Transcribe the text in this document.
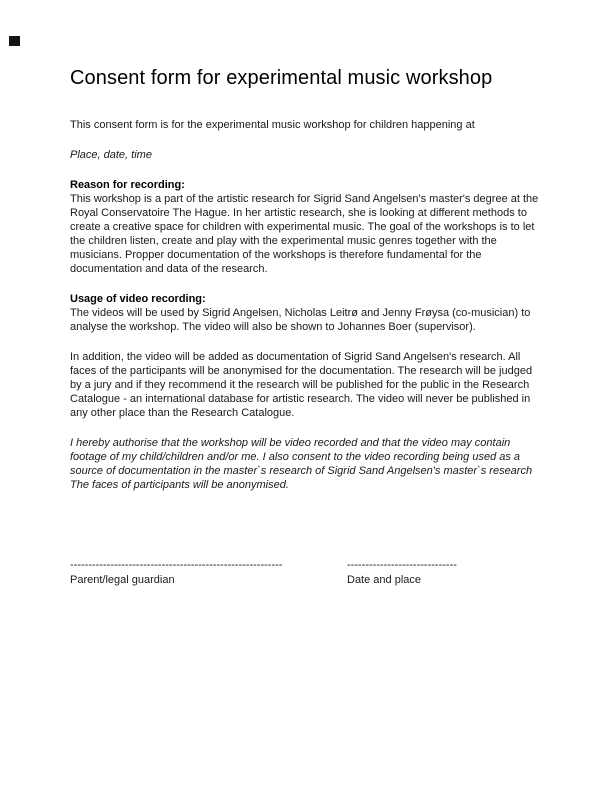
Consent form for experimental music workshop

This consent form is for the experimental music workshop for children happening at

Place, date, time

Reason for recording:

This workshop is a part of the artistic research for Sigrid Sand Angelsen's master's degree at the Royal Conservatoire The Hague. In her artistic research, she is looking at different methods to create a creative space for children with experimental music. The goal of the workshops is to let the children listen, create and play with the experimental music genres together with the musicians. Propper documentation of the workshops is therefore fundamental for the documentation and data of the research.

Usage of video recording:

The videos will be used by Sigrid Angelsen, Nicholas Leitrø and Jenny Frøysa (co-musician) to analyse the workshop. The video will also be shown to Johannes Boer (supervisor).

In addition, the video will be added as documentation of Sigrid Sand Angelsen's research. All faces of the participants will be anonymised for the documentation. The research will be judged by a jury and if they recommend it the research will be published for the public in the Research Catalogue - an international database for artistic research. The video will never be published in any other place than the Research Catalogue.

I hereby authorise that the workshop will be video recorded and that the video may contain footage of my child/children and/or me. I also consent to the video recording being used as a source of documentation in the master`s research of Sigrid Sand Angelsen's master`s research The faces of participants will be anonymised.

----------------------------------------------------------
Parent/legal guardian
------------------------------
Date and place
